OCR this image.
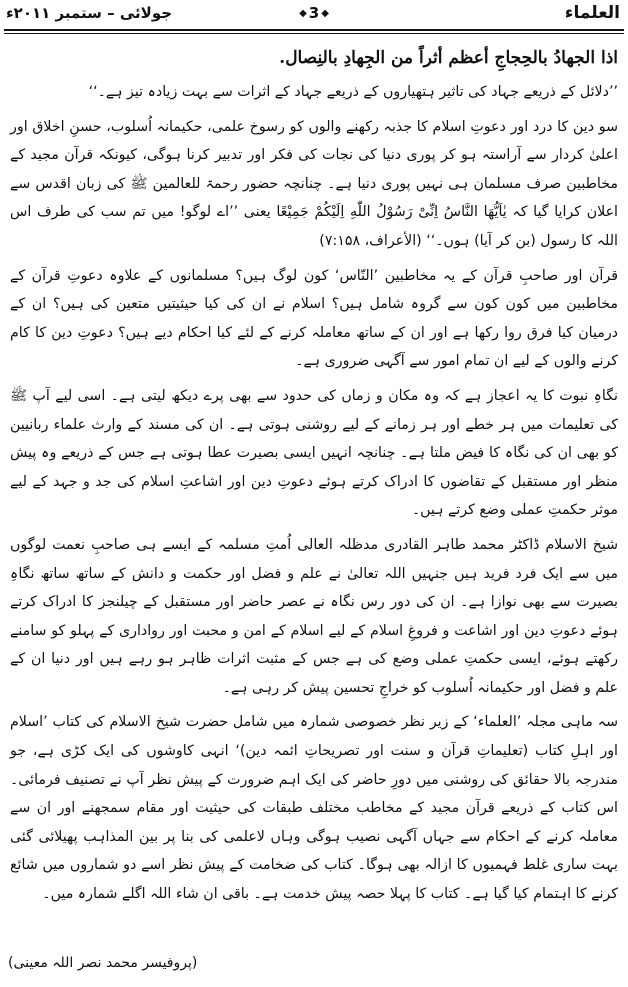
جولائی – ستمبر ۲۰۱۱ء
◆	3 ◆	العلماء
اذا الجهادُ بالحِجاجِ أعظم أثراً من الجِهادِ بالنِصال.

’’دلائل کے ذریعے جہاد کی تاثیر ہتھیاروں کے ذریعے جہاد کے اثرات سے بہت زیادہ تیز ہے۔‘‘

سو دین کا درد اور دعوتِ اسلام کا جذبہ رکھنے والوں کو رسوخ علمی، حکیمانہ اُسلوب، حسنِ اخلاق اور اعلیٰ کردار سے آراستہ ہو کر پوری دنیا کی نجات کی فکر اور تدبیر کرنا ہوگی، کیونکہ قرآن مجید کے مخاطبین صرف مسلمان ہی نہیں پوری دنیا ہے۔ چنانچہ حضور رحمۃ للعالمین ﷺ کی زبان اقدس سے اعلان کرایا گیا کہ یٰاَیُّهَا النَّاسُ اِنِّیْ رَسُوْلُ اللّٰهِ اِلَیْكُمْ جَمِیْعًا یعنی ’’اے لوگو! میں تم سب کی طرف اس اللہ کا رسول (بن کر آیا) ہوں۔‘‘ (الأعراف، ۷:۱۵۸)

قرآن اور صاحبِ قرآن کے یہ مخاطبین ’النّاس‘ کون لوگ ہیں؟ مسلمانوں کے علاوہ دعوتِ قرآن کے مخاطبین میں کون کون سے گروہ شامل ہیں؟ اسلام نے ان کی کیا حیثیتیں متعین کی ہیں؟ ان کے درمیان کیا فرق روا رکھا ہے اور ان کے ساتھ معاملہ کرنے کے لئے کیا احکام دیے ہیں؟ دعوتِ دین کا کام کرنے والوں کے لیے ان تمام امور سے آگہی ضروری ہے۔

نگاہِ نبوت کا یہ اعجاز ہے کہ وہ مکان و زماں کی حدود سے بھی پرے دیکھ لیتی ہے۔ اسی لیے آپ ﷺ کی تعلیمات میں ہر خطے اور ہر زمانے کے لیے روشنی ہوتی ہے۔ ان کی مسند کے وارث علماء ربانیین کو بھی ان کی نگاہ کا فیض ملتا ہے۔ چنانچہ انہیں ایسی بصیرت عطا ہوتی ہے جس کے ذریعے وہ پیش منظر اور مستقبل کے تقاضوں کا ادراک کرتے ہوئے دعوتِ دین اور اشاعتِ اسلام کی جد و جہد کے لیے موثر حکمتِ عملی وضع کرتے ہیں۔

شیخ الاسلام ڈاکٹر محمد طاہر القادری مدظلہ العالی اُمتِ مسلمہ کے ایسے ہی صاحبِ نعمت لوگوں میں سے ایک فرد فرید ہیں جنہیں اللہ تعالیٰ نے علم و فضل اور حکمت و دانش کے ساتھ ساتھ نگاہِ بصیرت سے بھی نوازا ہے۔ ان کی دور رس نگاہ نے عصر حاضر اور مستقبل کے چیلنجز کا ادراک کرتے ہوئے دعوتِ دین اور اشاعت و فروغِ اسلام کے لیے اسلام کے امن و محبت اور رواداری کے پہلو کو سامنے رکھتے ہوئے، ایسی حکمتِ عملی وضع کی ہے جس کے مثبت اثرات ظاہر ہو رہے ہیں اور دنیا ان کے علم و فضل اور حکیمانہ اُسلوب کو خراجِ تحسین پیش کر رہی ہے۔

سہ ماہی مجلہ ’العلماء‘ کے زیر نظر خصوصی شمارہ میں شامل حضرت شیخ الاسلام کی کتاب ’اسلام اور اہلِ کتاب (تعلیماتِ قرآن و سنت اور تصریحاتِ ائمہ دین)‘ انہی کاوشوں کی ایک کڑی ہے، جو مندرجہ بالا حقائق کی روشنی میں دورِ حاضر کی ایک اہم ضرورت کے پیش نظر آپ نے تصنیف فرمائی۔ اس کتاب کے ذریعے قرآن مجید کے مخاطب مختلف طبقات کی حیثیت اور مقام سمجھنے اور ان سے معاملہ کرنے کے احکام سے جہاں آگہی نصیب ہوگی وہاں لاعلمی کی بنا پر بین المذاہب پھیلائی گئی بہت ساری غلط فہمیوں کا ازالہ بھی ہوگا۔ کتاب کی ضخامت کے پیش نظر اسے دو شماروں میں شائع کرنے کا اہتمام کیا گیا ہے۔ کتاب کا پہلا حصہ پیش خدمت ہے۔ باقی ان شاء اللہ اگلے شمارہ میں۔

(پروفیسر محمد نصر اللہ معینی)
